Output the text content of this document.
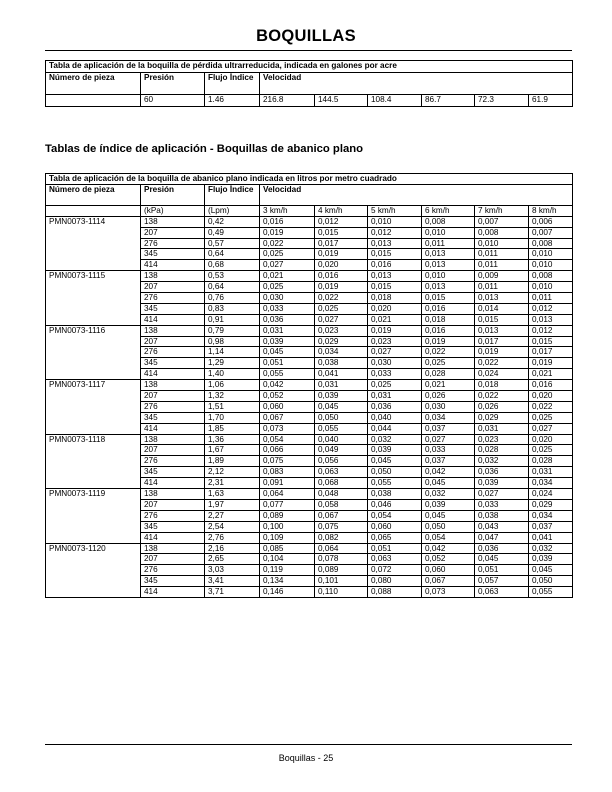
BOQUILLAS
Tabla de aplicación de la boquilla de pérdida ultrarreducida, indicada en galones por acre								
Número de pieza	Presión	Flujo Índice	Velocidad					
	60	1.46	216.8	144.5	108.4	86.7	72.3	61.9
Tablas de índice de aplicación - Boquillas de abanico plano
Tabla de aplicación de la boquilla de abanico plano indicada en litros por metro cuadrado								
Número de pieza	Presión	Flujo Índice	Velocidad					
	(kPa)	(Lpm)	3 km/h	4 km/h	5 km/h	6 km/h	7 km/h	8 km/h
PMN0073-1114	138	0,42	0,016	0,012	0,010	0,008	0,007	0,006
	207	0,49	0,019	0,015	0,012	0,010	0,008	0,007
	276	0,57	0,022	0,017	0,013	0,011	0,010	0,008
	345	0,64	0,025	0,019	0,015	0,013	0,011	0,010
	414	0,68	0,027	0,020	0,016	0,013	0,011	0,010
PMN0073-1115	138	0,53	0,021	0,016	0,013	0,010	0,009	0,008
	207	0,64	0,025	0,019	0,015	0,013	0,011	0,010
	276	0,76	0,030	0,022	0,018	0,015	0,013	0,011
	345	0,83	0,033	0,025	0,020	0,016	0,014	0,012
	414	0,91	0,036	0,027	0,021	0,018	0,015	0,013
PMN0073-1116	138	0,79	0,031	0,023	0,019	0,016	0,013	0,012
	207	0,98	0,039	0,029	0,023	0,019	0,017	0,015
	276	1,14	0,045	0,034	0,027	0,022	0,019	0,017
	345	1,29	0,051	0,038	0,030	0,025	0,022	0,019
	414	1,40	0,055	0,041	0,033	0,028	0,024	0,021
PMN0073-1117	138	1,06	0,042	0,031	0,025	0,021	0,018	0,016
	207	1,32	0,052	0,039	0,031	0,026	0,022	0,020
	276	1,51	0,060	0,045	0,036	0,030	0,026	0,022
	345	1,70	0,067	0,050	0,040	0,034	0,029	0,025
	414	1,85	0,073	0,055	0,044	0,037	0,031	0,027
PMN0073-1118	138	1,36	0,054	0,040	0,032	0,027	0,023	0,020
	207	1,67	0,066	0,049	0,039	0,033	0,028	0,025
	276	1,89	0,075	0,056	0,045	0,037	0,032	0,028
	345	2,12	0,083	0,063	0,050	0,042	0,036	0,031
	414	2,31	0,091	0,068	0,055	0,045	0,039	0,034
PMN0073-1119	138	1,63	0,064	0,048	0,038	0,032	0,027	0,024
	207	1,97	0,077	0,058	0,046	0,039	0,033	0,029
	276	2,27	0,089	0,067	0,054	0,045	0,038	0,034
	345	2,54	0,100	0,075	0,060	0,050	0,043	0,037
	414	2,76	0,109	0,082	0,065	0,054	0,047	0,041
PMN0073-1120	138	2,16	0,085	0,064	0,051	0,042	0,036	0,032
	207	2,65	0,104	0,078	0,063	0,052	0,045	0,039
	276	3,03	0,119	0,089	0,072	0,060	0,051	0,045
	345	3,41	0,134	0,101	0,080	0,067	0,057	0,050
	414	3,71	0,146	0,110	0,088	0,073	0,063	0,055
Boquillas - 25
